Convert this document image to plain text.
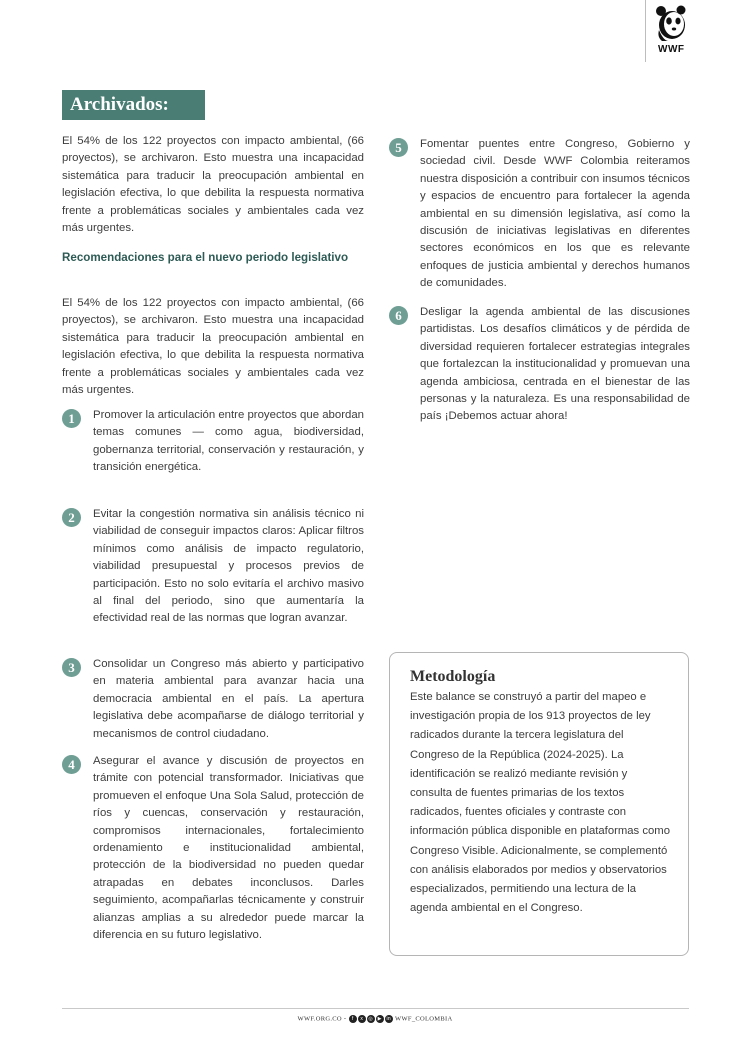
WWF
Archivados:

El 54% de los 122 proyectos con impacto ambiental, (66 proyectos), se archivaron. Esto muestra una incapacidad sistemática para traducir la preocupación ambiental en legislación efectiva, lo que debilita la respuesta normativa frente a problemáticas sociales y ambientales cada vez más urgentes.

Recomendaciones para el nuevo periodo legislativo

El 54% de los 122 proyectos con impacto ambiental, (66 proyectos), se archivaron. Esto muestra una incapacidad sistemática para traducir la preocupación ambiental en legislación efectiva, lo que debilita la respuesta normativa frente a problemáticas sociales y ambientales cada vez más urgentes.

1	Promover la articulación entre proyectos que abordan temas comunes — como agua, biodiversidad, gobernanza territorial, conservación y restauración, y transición energética.

2	Evitar la congestión normativa sin análisis técnico ni viabilidad de conseguir impactos claros: Aplicar filtros mínimos como análisis de impacto regulatorio, viabilidad presupuestal y procesos previos de participación. Esto no solo evitaría el archivo masivo al final del periodo, sino que aumentaría la efectividad real de las normas que logran avanzar.

3	Consolidar un Congreso más abierto y participativo en materia ambiental para avanzar hacia una democracia ambiental en el país. La apertura legislativa debe acompañarse de diálogo territorial y mecanismos de control ciudadano.

4	Asegurar el avance y discusión de proyectos en trámite con potencial transformador. Iniciativas que promueven el enfoque Una Sola Salud, protección de ríos y cuencas, conservación y restauración, compromisos internacionales, fortalecimiento ordenamiento e institucionalidad ambiental, protección de la biodiversidad no pueden quedar atrapadas en debates inconclusos. Darles seguimiento, acompañarlas técnicamente y construir alianzas amplias a su alrededor puede marcar la diferencia en su futuro legislativo.

5	Fomentar puentes entre Congreso, Gobierno y sociedad civil. Desde WWF Colombia reiteramos nuestra disposición a contribuir con insumos técnicos y espacios de encuentro para fortalecer la agenda ambiental en su dimensión legislativa, así como la discusión de iniciativas legislativas en diferentes sectores económicos en los que es relevante enfoques de justicia ambiental y derechos humanos de comunidades.

6	Desligar la agenda ambiental de las discusiones partidistas. Los desafíos climáticos y de pérdida de diversidad requieren fortalecer estrategias integrales que fortalezcan la institucionalidad y promuevan una agenda ambiciosa, centrada en el bienestar de las personas y la naturaleza. Es una responsabilidad de país ¡Debemos actuar ahora!

Metodología

Este balance se construyó a partir del mapeo e investigación propia de los 913 proyectos de ley radicados durante la tercera legislatura del Congreso de la República (2024-2025). La identificación se realizó mediante revisión y consulta de fuentes primarias de los textos radicados, fuentes oficiales y contraste con información pública disponible en plataformas como Congreso Visible. Adicionalmente, se complementó con análisis elaborados por medios y observatorios especializados, permitiendo una lectura de la agenda ambiental en el Congreso.

WWF.ORG.CO - f x ◎ ▶ in WWF_COLOMBIA
